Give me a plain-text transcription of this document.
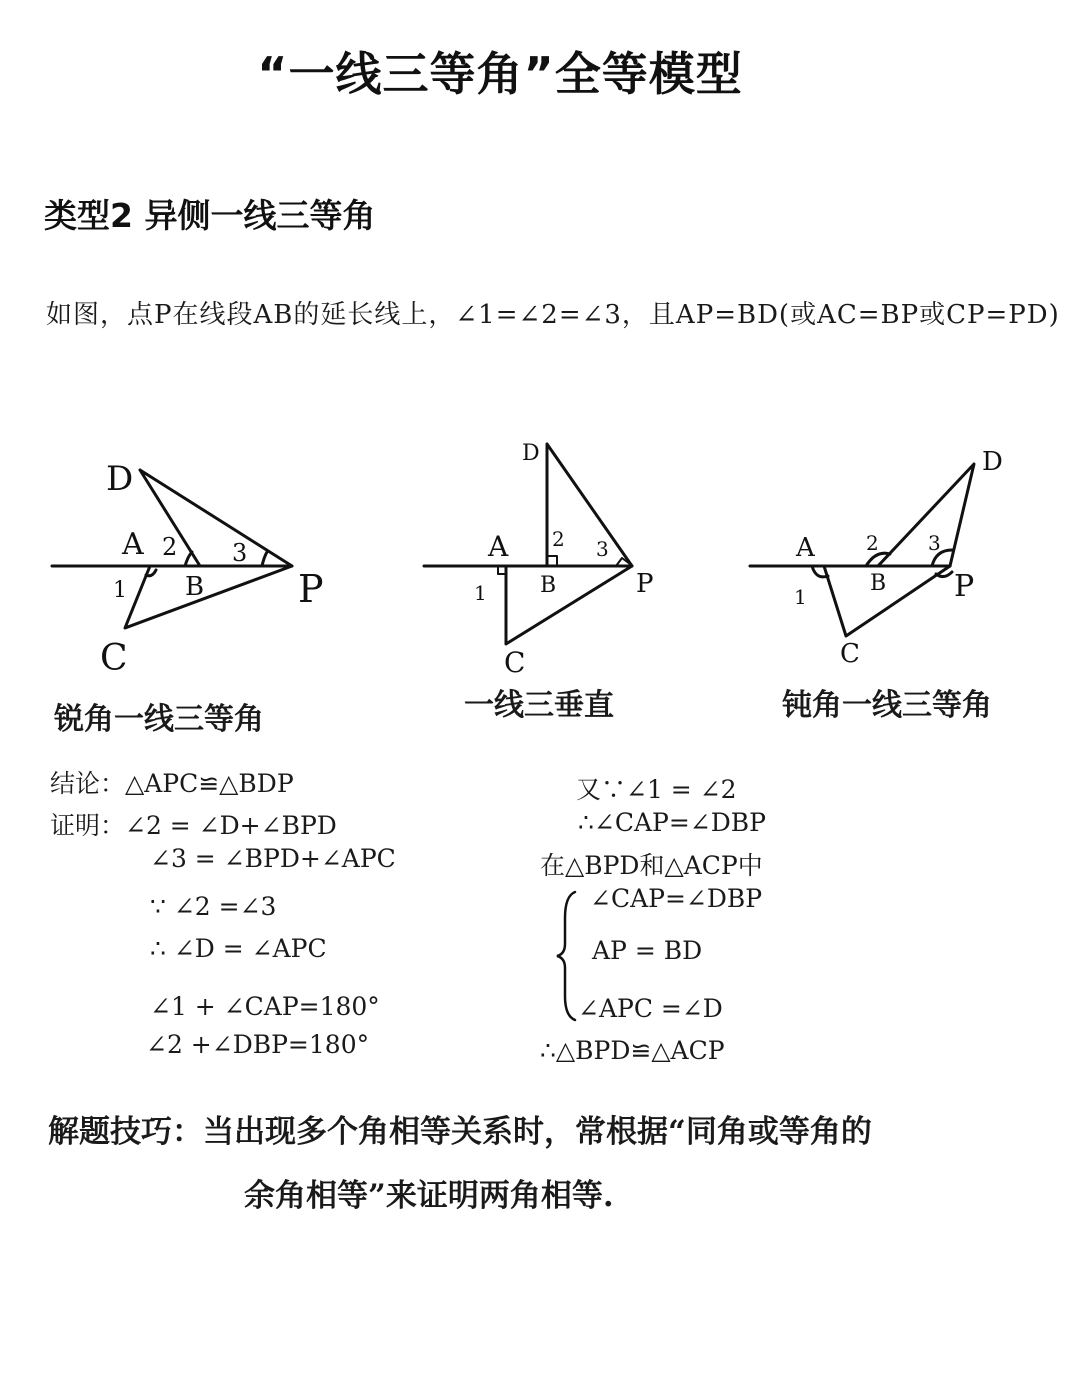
“一线三等角”全等模型
类型2 异侧一线三等角
如图，点P在线段AB的延长线上，∠1=∠2=∠3，且AP=BD(或AC=BP或CP=PD)
D
A 2 3
1 B P
C
锐角一线三等角
D
A 2 3
1 B	P
C
一线三垂直
D
A	2 3
1
B P
C
钝角一线三等角
结论：△APC≌△BDP
证明：∠2 = ∠D+∠BPD
∠3 = ∠BPD+∠APC
∵ ∠2 =∠3
∴ ∠D = ∠APC
∠1 + ∠CAP=180°
∠2 +∠DBP=180°
又∵∠1 = ∠2
∴∠CAP=∠DBP
在△BPD和△ACP中
∠CAP=∠DBP
AP = BD
∠APC =∠D
∴△BPD≌△ACP
解题技巧：当出现多个角相等关系时，常根据“同角或等角的
余角相等”来证明两角相等.
